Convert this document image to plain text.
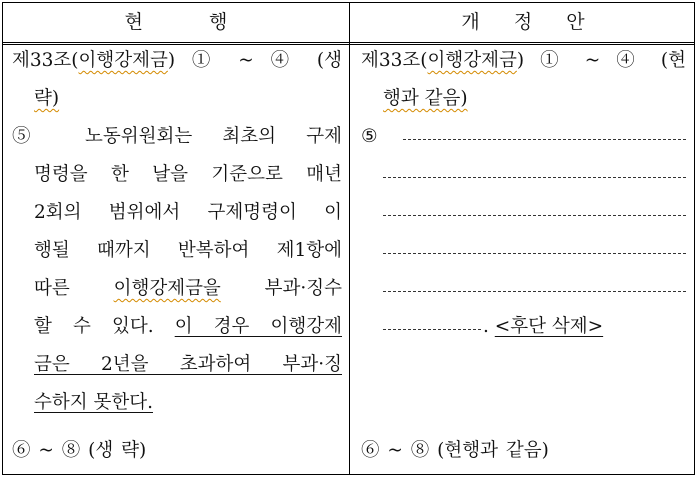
현 행	개 정 안
제33조(이행강제금) ① ~ ④ (생
략)
⑤ 노동위원회는 최초의 구제
명령을 한 날을 기준으로 매년
2회의 범위에서 구제명령이 이
행될 때까지 반복하여 제1항에
따른 이행강제금을 부과·징수
할 수 있다. 이 경우 이행강제
금은 2년을 초과하여 부과·징
수하지 못한다.
⑥ ~ ⑧ (생 략)
제33조(이행강제금) ① ~ ④ (현
행과 같음)
⑤
. <후단 삭제>
⑥ ~ ⑧ (현행과 같음)
